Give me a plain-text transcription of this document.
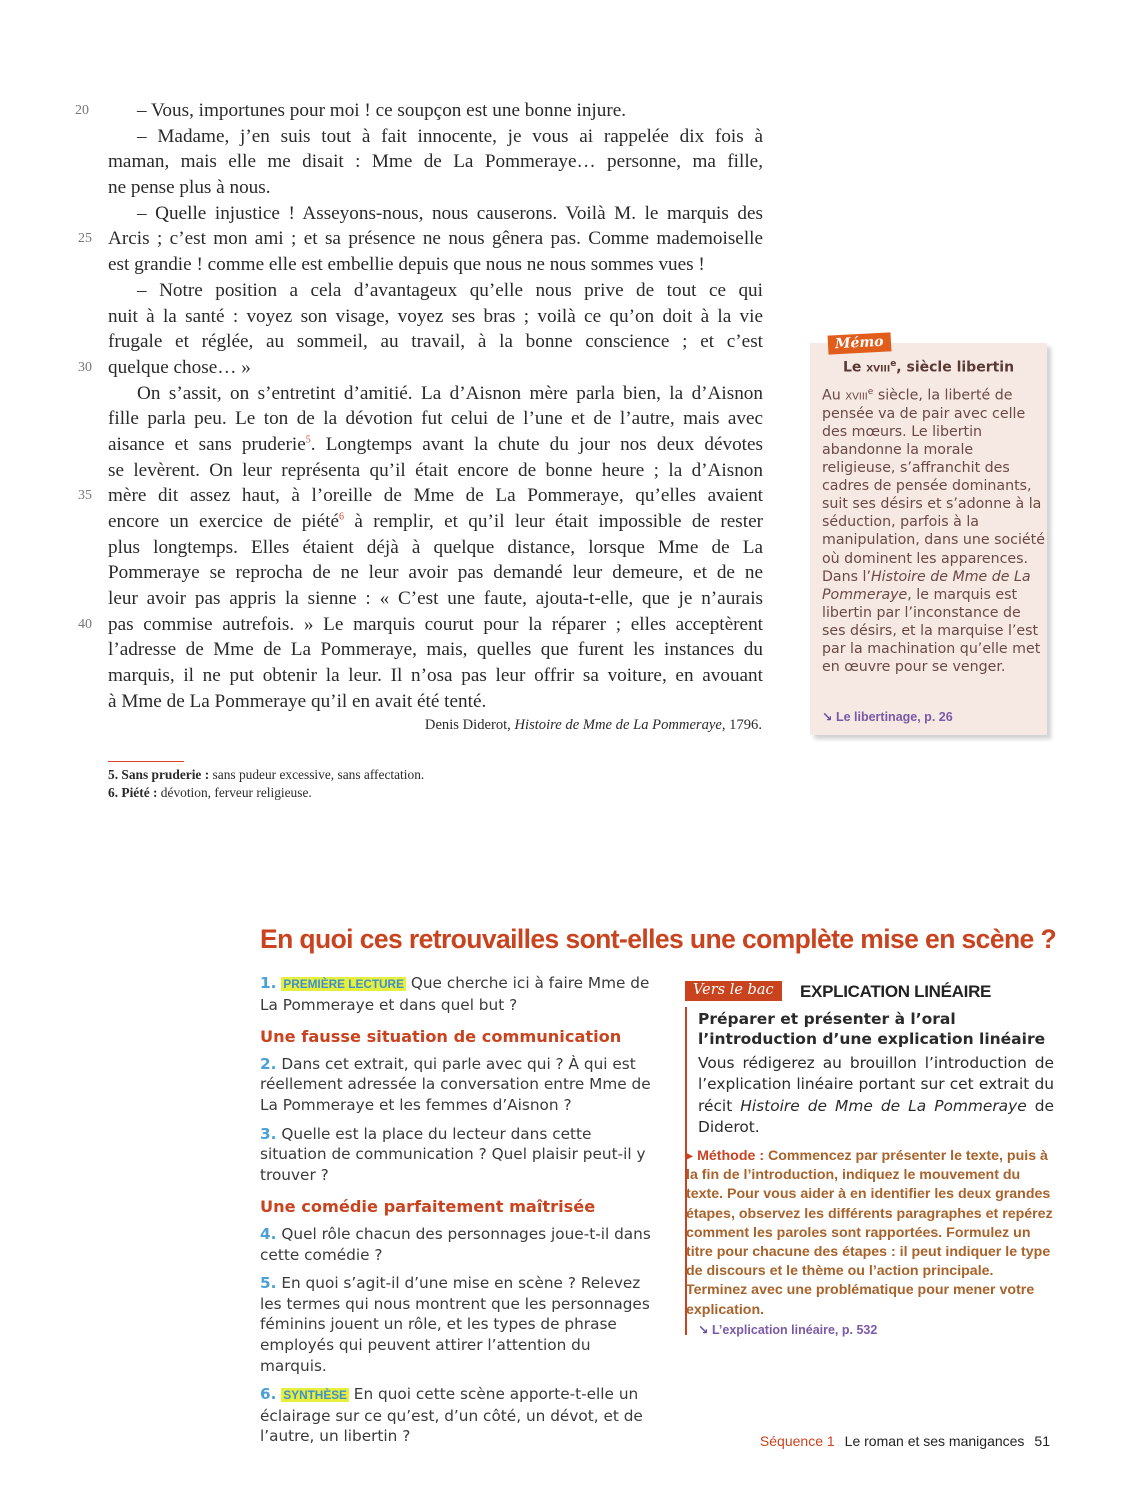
20	– Vous, importunes pour moi ! ce soupçon est une bonne injure.
– Madame, j’en suis tout à fait innocente, je vous ai rappelée dix fois à
maman, mais elle me disait : Mme de La Pommeraye… personne, ma fille,
ne pense plus à nous.
– Quelle injustice ! Asseyons-nous, nous causerons. Voilà M. le marquis des
25 Arcis ; c’est mon ami ; et sa présence ne nous gênera pas. Comme mademoiselle
est grandie ! comme elle est embellie depuis que nous ne nous sommes vues !
– Notre position a cela d’avantageux qu’elle nous prive de tout ce qui
nuit à la santé : voyez son visage, voyez ses bras ; voilà ce qu’on doit à la vie
frugale et réglée, au sommeil, au travail, à la bonne conscience ; et c’est
30 quelque chose… »
On s’assit, on s’entretint d’amitié. La d’Aisnon mère parla bien, la d’Aisnon
fille parla peu. Le ton de la dévotion fut celui de l’une et de l’autre, mais avec
aisance et sans pruderie$^5$. Longtemps avant la chute du jour nos deux dévotes
se levèrent. On leur représenta qu’il était encore de bonne heure ; la d’Aisnon
35 mère dit assez haut, à l’oreille de Mme de La Pommeraye, qu’elles avaient
encore un exercice de piété$^6$ à remplir, et qu’il leur était impossible de rester
plus longtemps. Elles étaient déjà à quelque distance, lorsque Mme de La
Pommeraye se reprocha de ne leur avoir pas demandé leur demeure, et de ne
leur avoir pas appris la sienne : « C’est une faute, ajouta-t-elle, que je n’aurais
40 pas commise autrefois. » Le marquis courut pour la réparer ; elles acceptèrent
l’adresse de Mme de La Pommeraye, mais, quelles que furent les instances du
marquis, il ne put obtenir la leur. Il n’osa pas leur offrir sa voiture, en avouant
à Mme de La Pommeraye qu’il en avait été tenté.
Denis Diderot, Histoire de Mme de La Pommeraye, 1796.
5. Sans pruderie : sans pudeur excessive, sans affectation.
6. Piété : dévotion, ferveur religieuse.
Mémo
Le xviii$^e$, siècle libertin
Au xviii$^e$ siècle, la liberté de pensée va de pair avec celle des mœurs. Le libertin abandonne la morale religieuse, s’affranchit des cadres de pensée dominants, suit ses désirs et s’adonne à la séduction, parfois à la manipulation, dans une société où dominent les apparences. Dans l’Histoire de Mme de La Pommeraye, le marquis est libertin par l’inconstance de ses désirs, et la marquise l’est par la machination qu’elle met en œuvre pour se venger.
↘ Le libertinage, p. 26
En quoi ces retrouvailles sont-elles une complète mise en scène ?
1. PREMIÈRE LECTURE Que cherche ici à faire Mme de La Pommeraye et dans quel but ?
Une fausse situation de communication
2. Dans cet extrait, qui parle avec qui ? À qui est réellement adressée la conversation entre Mme de La Pommeraye et les femmes d’Aisnon ?
3. Quelle est la place du lecteur dans cette situation de communication ? Quel plaisir peut-il y trouver ?
Une comédie parfaitement maîtrisée
4. Quel rôle chacun des personnages joue-t-il dans cette comédie ?
5. En quoi s’agit-il d’une mise en scène ? Relevez les termes qui nous montrent que les personnages féminins jouent un rôle, et les types de phrase employés qui peuvent attirer l’attention du marquis.
6. SYNTHÈSE En quoi cette scène apporte-t-elle un éclairage sur ce qu’est, d’un côté, un dévot, et de l’autre, un libertin ?
Vers le bac	EXPLICATION LINÉAIRE
Préparer et présenter à l’oral l’introduction d’une explication linéaire
Vous rédigerez au brouillon l’introduction de l’explication linéaire portant sur cet extrait du récit Histoire de Mme de La Pommeraye de Diderot.
▸ Méthode : Commencez par présenter le texte, puis à la fin de l’introduction, indiquez le mouvement du texte. Pour vous aider à en identifier les deux grandes étapes, observez les différents paragraphes et repérez comment les paroles sont rapportées. Formulez un titre pour chacune des étapes : il peut indiquer le type de discours et le thème ou l’action principale. Terminez avec une problématique pour mener votre explication.
↘ L’explication linéaire, p. 532
Séquence 1 Le roman et ses manigances 51
